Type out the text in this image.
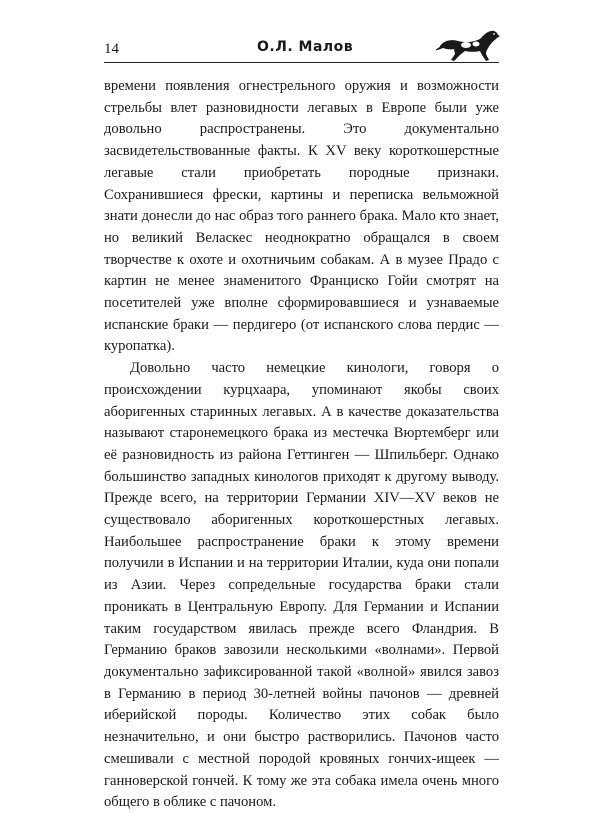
14	О.Л. Малов

времени появления огнестрельного оружия и возможности стрельбы влет разновидности легавых в Европе были уже довольно распространены. Это документально засвидетельствованные факты. К XV веку короткошерстные легавые стали приобретать породные признаки. Сохранившиеся фрески, картины и переписка вельможной знати донесли до нас образ того раннего брака. Мало кто знает, но великий Веласкес неоднократно обращался в своем творчестве к охоте и охотничьим собакам. А в музее Прадо с картин не менее знаменитого Франциско Гойи смотрят на посетителей уже вполне сформировавшиеся и узнаваемые испанские браки — пердигеро (от испанского слова пердис — куропатка).

Довольно часто немецкие кинологи, говоря о происхождении курцхаара, упоминают якобы своих аборигенных старинных легавых. А в качестве доказательства называют старонемецкого брака из местечка Вюртемберг или её разновидность из района Геттинген — Шпильберг. Однако большинство западных кинологов приходят к другому выводу. Прежде всего, на территории Германии XIV—XV веков не существовало аборигенных короткошерстных легавых. Наибольшее распространение браки к этому времени получили в Испании и на территории Италии, куда они попали из Азии. Через сопредельные государства браки стали проникать в Центральную Европу. Для Германии и Испании таким государством явилась прежде всего Фландрия. В Германию браков завозили несколькими «волнами». Первой документально зафиксированной такой «волной» явился завоз в Германию в период 30-летней войны пачонов — древней иберийской породы. Количество этих собак было незначительно, и они быстро растворились. Пачонов часто смешивали с местной породой кровяных гончих-ищеек — ганноверской гончей. К тому же эта собака имела очень много общего в облике с пачоном.
